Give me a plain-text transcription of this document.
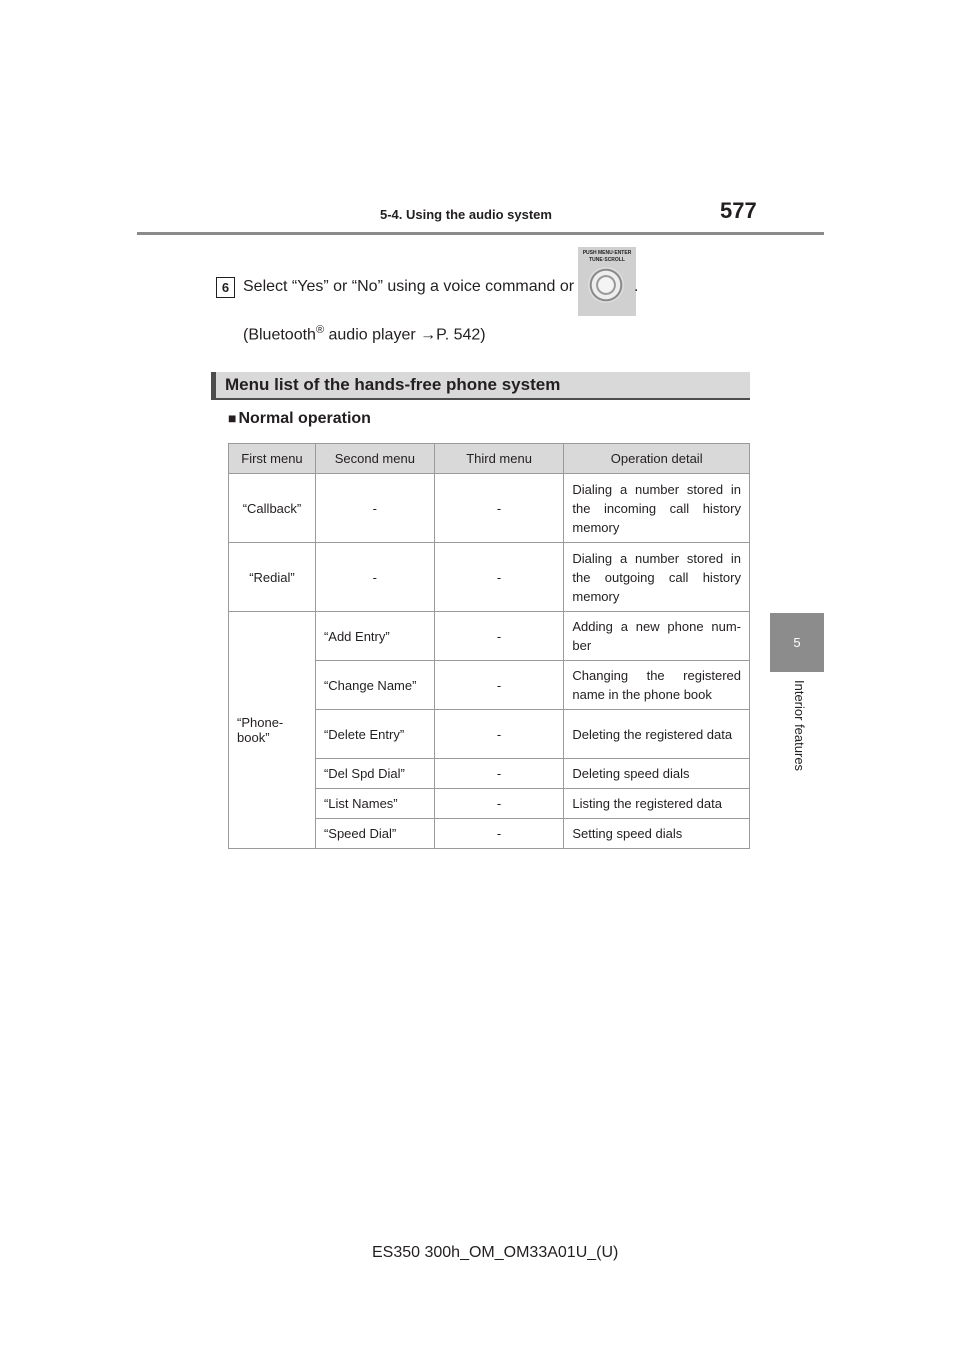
5-4. Using the audio system	577
5
Interior features
6 Select “Yes” or “No” using a voice command or
PUSH MENU·ENTER
TUNE·SCROLL
.
(Bluetooth® audio player →P. 542)
Menu list of the hands-free phone system
■ Normal operation
First menu	Second menu	Third menu	Operation detail
“Callback”	-	-	Dialing a number stored in the incoming call history memory
“Redial”	-	-	Dialing a number stored in the outgoing call history memory
“Phone-book”	“Add Entry”	-	Adding a new phone num-ber
	“Change Name”	-	Changing the registered name in the phone book
	“Delete Entry”	-	Deleting the registered data
	“Del Spd Dial”	-	Deleting speed dials
	“List Names”	-	Listing the registered data
	“Speed Dial”	-	Setting speed dials
ES350 300h_OM_OM33A01U_(U)
